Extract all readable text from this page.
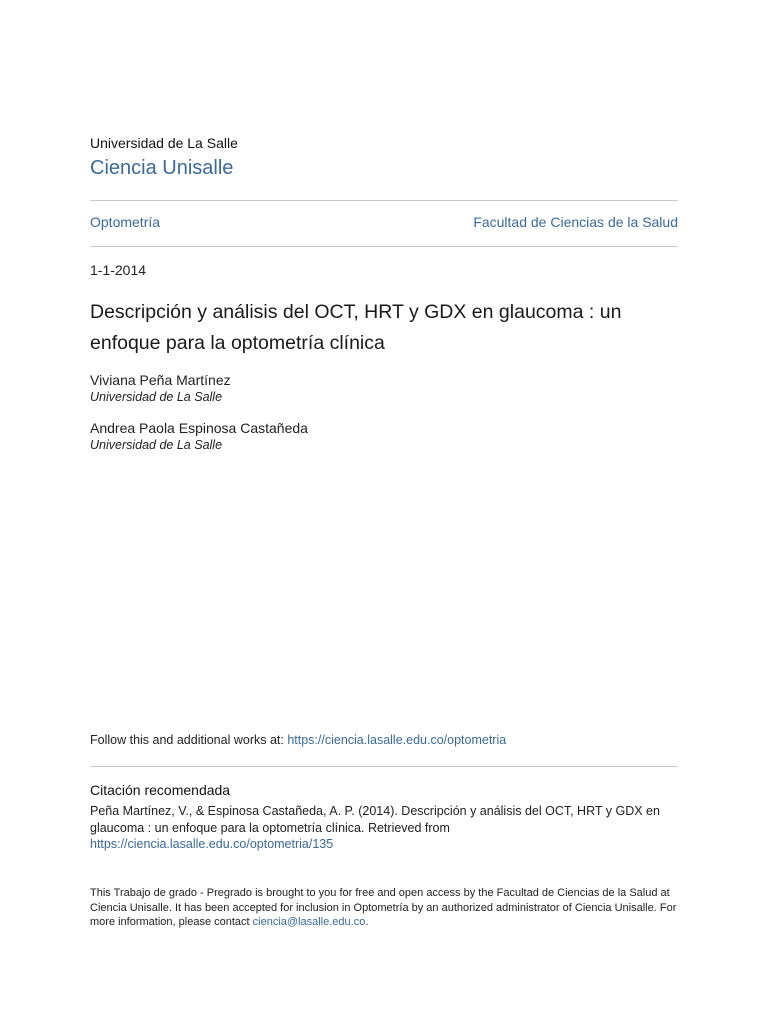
Universidad de La Salle
Ciencia Unisalle
Optometría	Facultad de Ciencias de la Salud
1-1-2014
Descripción y análisis del OCT, HRT y GDX en glaucoma : un enfoque para la optometría clínica
Viviana Peña Martínez
Universidad de La Salle
Andrea Paola Espinosa Castañeda
Universidad de La Salle
Follow this and additional works at: https://ciencia.lasalle.edu.co/optometria
Citación recomendada
Peña Martínez, V., & Espinosa Castañeda, A. P. (2014). Descripción y análisis del OCT, HRT y GDX en glaucoma : un enfoque para la optometría clínica. Retrieved from https://ciencia.lasalle.edu.co/optometria/135
This Trabajo de grado - Pregrado is brought to you for free and open access by the Facultad de Ciencias de la Salud at Ciencia Unisalle. It has been accepted for inclusion in Optometría by an authorized administrator of Ciencia Unisalle. For more information, please contact ciencia@lasalle.edu.co.
